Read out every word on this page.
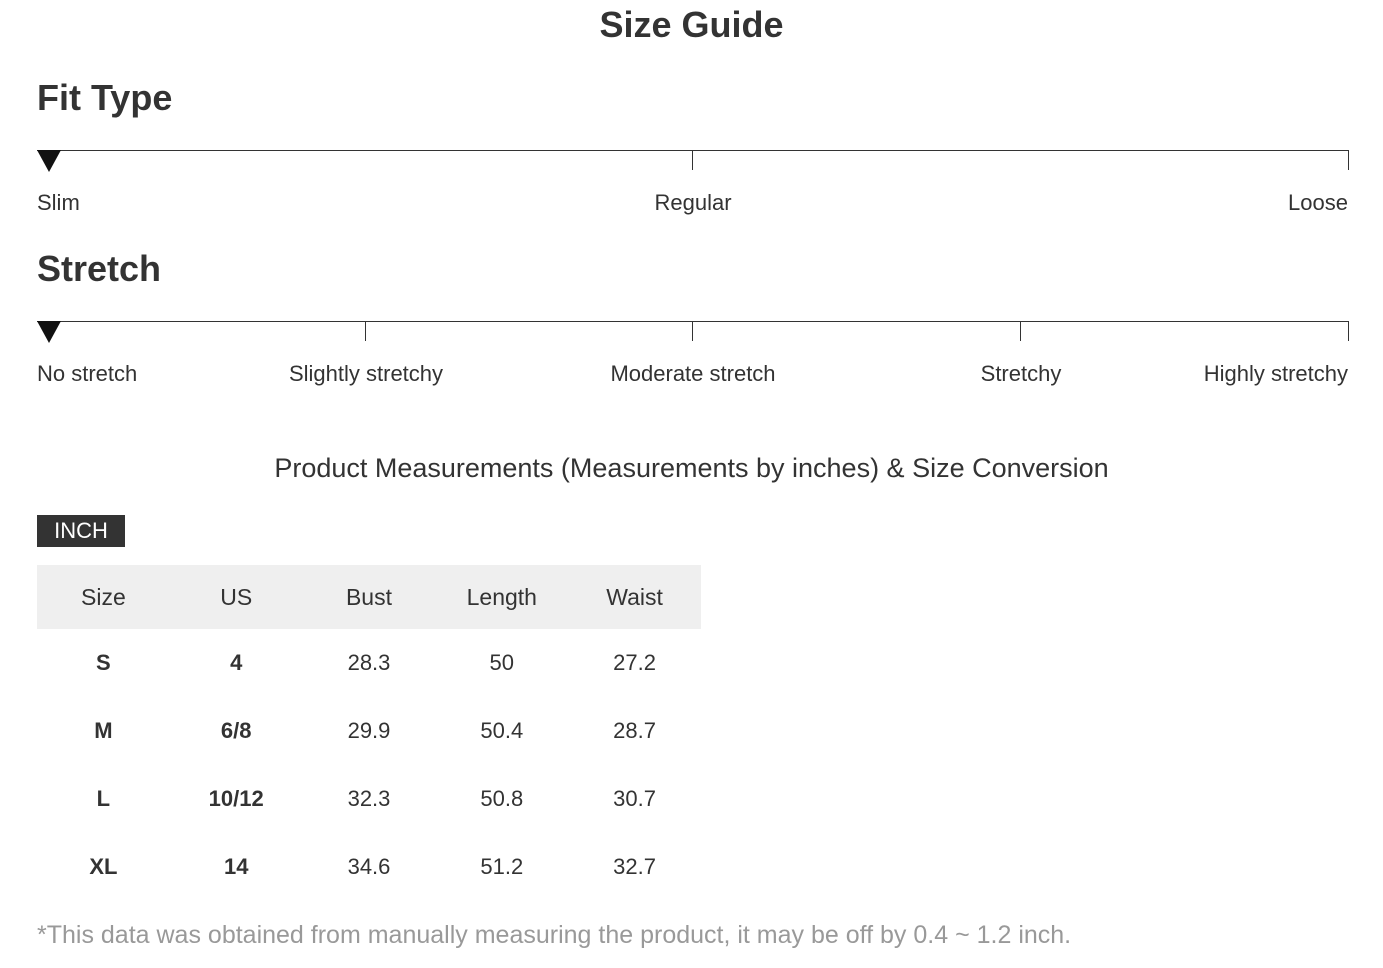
Size Guide
Fit Type
Slim	Regular	Loose
Stretch
No stretch	Slightly stretchy	Moderate stretch	Stretchy	Highly stretchy
Product Measurements (Measurements by inches) & Size Conversion
INCH
Size	US	Bust	Length	Waist
S	4	28.3	50	27.2
M	6/8	29.9	50.4	28.7
L	10/12	32.3	50.8	30.7
XL	14	34.6	51.2	32.7
*This data was obtained from manually measuring the product, it may be off by 0.4 ~ 1.2 inch.
